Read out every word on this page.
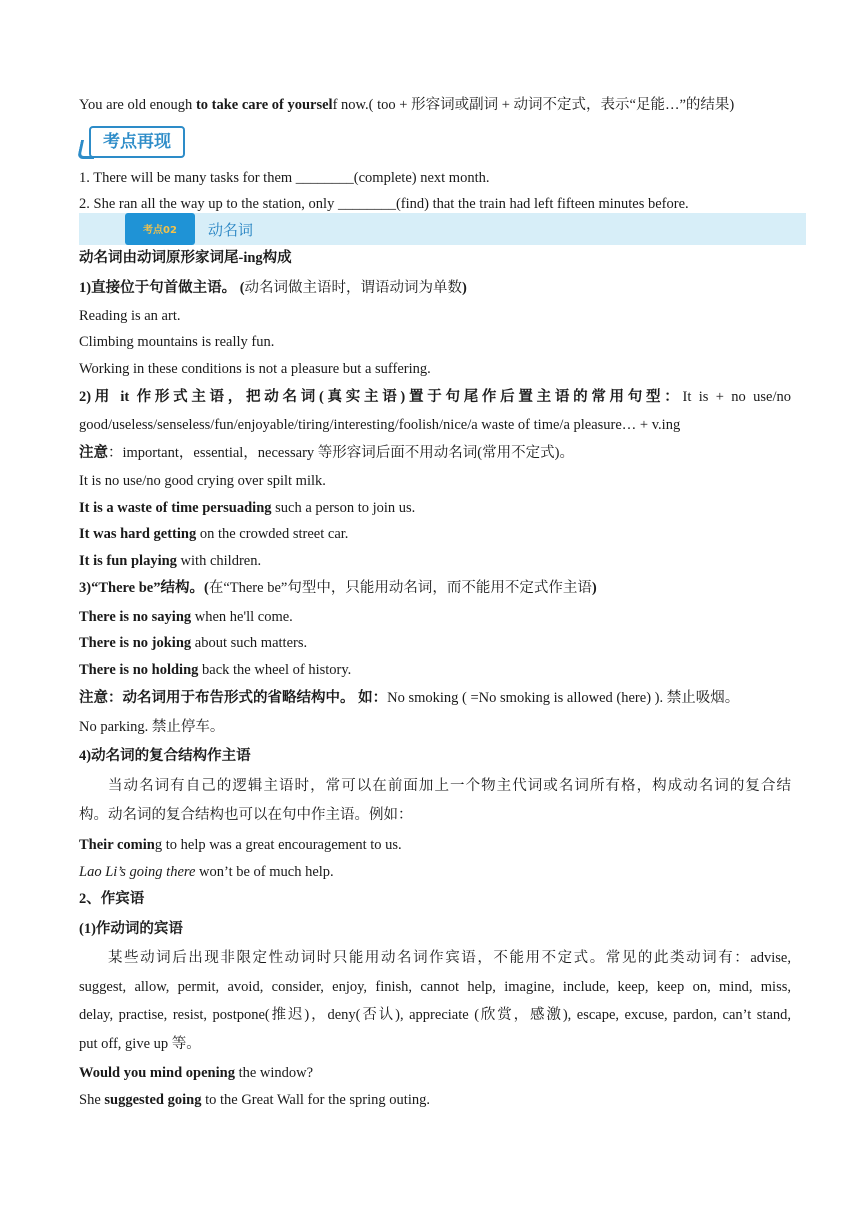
考点再现
考点02	动名词
You are old enough to take care of yourself now.( too + 形容词或副词 + 动词不定式，表示“足能…”的结果)
1. There will be many tasks for them ________(complete) next month.
2. She ran all the way up to the station, only ________(find) that the train had left fifteen minutes before.
动名词由动词原形家词尾-ing构成
1)直接位于句首做主语。 (动名词做主语时，谓语动词为单数)
Reading is an art.
Climbing mountains is really fun.
Working in these conditions is not a pleasure but a suffering.
2)用 it 作形式主语，把动名词(真实主语)置于句尾作后置主语的常用句型：It is + no use/no
good/useless/senseless/fun/enjoyable/tiring/interesting/foolish/nice/a waste of time/a pleasure… + v.ing
注意：important，essential，necessary 等形容词后面不用动名词(常用不定式)。
It is no use/no good crying over spilt milk.
It is a waste of time persuading such a person to join us.
It was hard getting on the crowded street car.
It is fun playing with children.
3)“There be”结构。(在“There be”句型中，只能用动名词，而不能用不定式作主语)
There is no saying when he'll come.
There is no joking about such matters.
There is no holding back the wheel of history.
注意：动名词用于布告形式的省略结构中。 如：No smoking ( =No smoking is allowed (here) ). 禁止吸烟。
No parking. 禁止停车。
4)动名词的复合结构作主语
当动名词有自己的逻辑主语时，常可以在前面加上一个物主代词或名词所有格，构成动名词的复合结
构。动名词的复合结构也可以在句中作主语。例如：
Their coming to help was a great encouragement to us.
Lao Li’s going there won’t be of much help.
2、作宾语
(1)作动词的宾语
某些动词后出现非限定性动词时只能用动名词作宾语，不能用不定式。常见的此类动词有：advise,
suggest, allow, permit, avoid, consider, enjoy, finish, cannot help, imagine, include, keep, keep on, mind, miss,
delay, practise, resist, postpone(推迟)，deny(否认), appreciate (欣赏，感激), escape, excuse, pardon, can’t stand,
put off, give up 等。
Would you mind opening the window?
She suggested going to the Great Wall for the spring outing.
